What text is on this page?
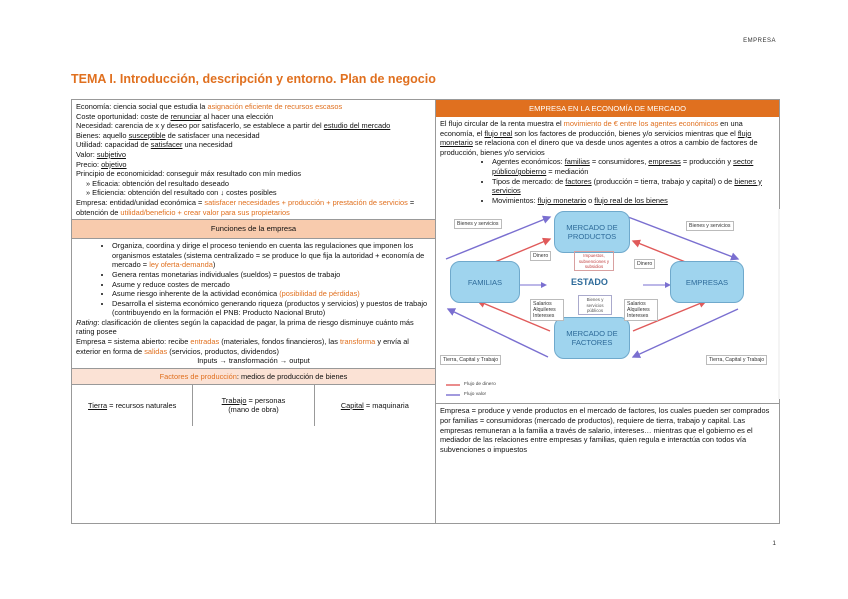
EMPRESA
TEMA I. Introducción, descripción y entorno. Plan de negocio

Economía: ciencia social que estudia la asignación eficiente de recursos escasos

Coste oportunidad: coste de renunciar al hacer una elección

Necesidad: carencia de x y deseo por satisfacerlo, se establece a partir del estudio del mercado

Bienes: aquello susceptible de satisfacer una necesidad

Utilidad: capacidad de satisfacer una necesidad

Valor: subjetivo

Precio: objetivo

Principio de economicidad: conseguir máx resultado con mín medios

» Eficacia: obtención del resultado deseado

» Eficiencia: obtención del resultado con ↓ costes posibles

Empresa: entidad/unidad económica = satisfacer necesidades + producción + prestación de servicios = obtención de utilidad/beneficio + crear valor para sus propietarios

Funciones de la empresa
• Organiza, coordina y dirige el proceso teniendo en cuenta las regulaciones que imponen los organismos estatales (sistema centralizado = se produce lo que fija la autoridad + economía de mercado = ley oferta-demanda)
• Genera rentas monetarias individuales (sueldos) = puestos de trabajo
• Asume y reduce costes de mercado
• Asume riesgo inherente de la actividad económica (posibilidad de pérdidas)
• Desarrolla el sistema económico generando riqueza (productos y servicios) y puestos de trabajo (contribuyendo en la formación el PNB: Producto Nacional Bruto)

Rating: clasificación de clientes según la capacidad de pagar, la prima de riesgo disminuye cuánto más rating posee

Empresa = sistema abierto: recibe entradas (materiales, fondos financieros), las transforma y envía al exterior en forma de salidas (servicios, productos, dividendos)

Inputs → transformación → output

Factores de producción: medios de producción de bienes
Tierra = recursos naturales
Trabajo = personas
(mano de obra)
Capital = maquinaria
EMPRESA EN LA ECONOMÍA DE MERCADO

El flujo circular de la renta muestra el movimiento de € entre los agentes económicos en una economía, el flujo real son los factores de producción, bienes y/o servicios mientras que el flujo monetario se relaciona con el dinero que va desde unos agentes a otros a cambio de factores de producción, bienes y/o servicios

• Agentes económicos: familias = consumidores, empresas = producción y sector público/gobierno = mediación
• Tipos de mercado: de factores (producción = tierra, trabajo y capital) o de bienes y servicios
• Movimientos: flujo monetario o flujo real de los bienes
MERCADO DE PRODUCTOS
FAMILIAS	EMPRESAS
MERCADO DE FACTORES
ESTADO
Impuestos, subvenciones y subsidios
Bienes y servicios públicos
Bienes y servicios	Bienes y servicios
Tierra, Capital y Trabajo	Tierra, Capital y Trabajo
Dinero
Dinero
Salarios Alquileres Intereses
Salarios Alquileres Intereses
Flujo de dinero
Flujo valor
Empresa = produce y vende productos en el mercado de factores, los cuales pueden ser comprados por familias = consumidoras (mercado de productos), requiere de tierra, trabajo y capital. Las empresas remuneran a la familia a través de salario, intereses… mientras que el gobierno es el mediador de las relaciones entre empresas y familias, quien regula e interactúa con todos vía subvenciones o impuestos
1
